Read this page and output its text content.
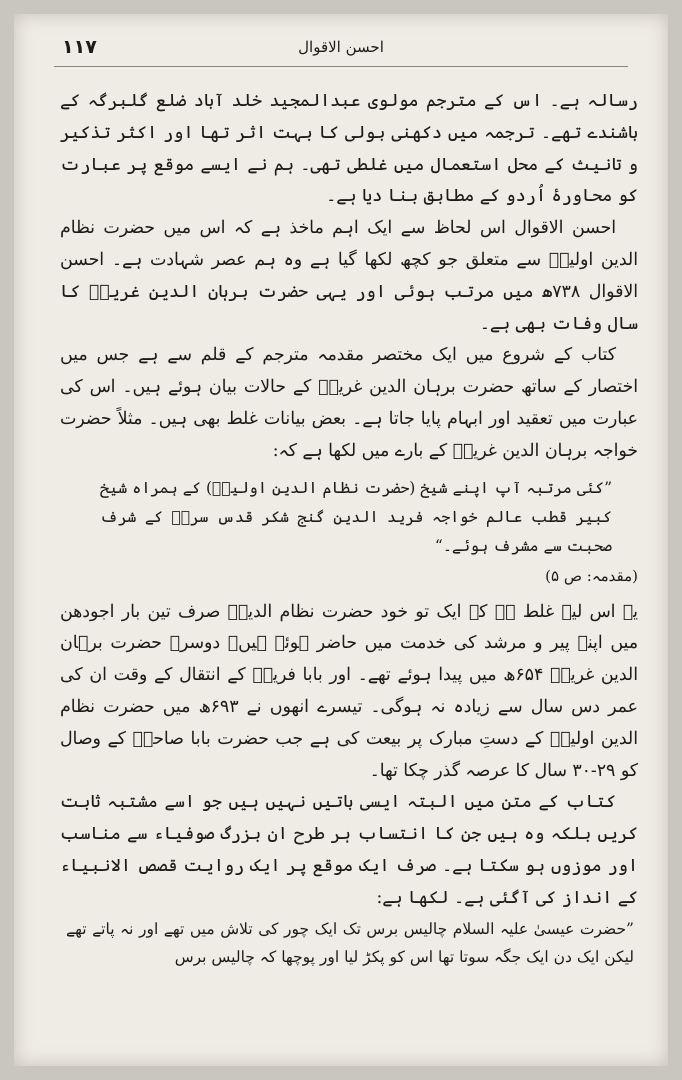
١١٧	احسن الاقوال

رسالہ ہے۔ اس کے مترجم مولوی عبدالمجید خلد آباد ضلع گلبرگہ کے باشندے تھے۔ ترجمہ میں دکھنی بولی کا بہت اثر تھا اور اکثر تذکیر و تانیث کے محل استعمال میں غلطی تھی۔ ہم نے ایسے موقع پر عبارت کو محاورۂ اُردو کے مطابق بنا دیا ہے۔

احسن الاقوال اس لحاظ سے ایک اہم ماخذ ہے کہ اس میں حضرت نظام الدین اولیاؒ سے متعلق جو کچھ لکھا گیا ہے وہ ہم عصر شہادت ہے۔ احسن الاقوال ۷۳۸ھ میں مرتب ہوئی اور یہی حضرت برہان الدین غریبؒ کا سال وفات بھی ہے۔

کتاب کے شروع میں ایک مختصر مقدمہ مترجم کے قلم سے ہے جس میں اختصار کے ساتھ حضرت برہان الدین غریبؒ کے حالات بیان ہوئے ہیں۔ اس کی عبارت میں تعقید اور ابہام پایا جاتا ہے۔ بعض بیانات غلط بھی ہیں۔ مثلاً حضرت خواجہ برہان الدین غریبؒ کے بارے میں لکھا ہے کہ:

”کئی مرتبہ آپ اپنے شیخ (حضرت نظام الدین اولیاؒ) کے ہمراہ شیخ کبیر قطب عالم خواجہ فرید الدین گنج شکر قدس سرہٗ کے شرف صحبت سے مشرف ہوئے۔“

(مقدمہ: ص ۵)

یہ اس لیے غلط ہے کہ ایک تو خود حضرت نظام الدینؒ صرف تین بار اجودھن میں اپنے پیر و مرشد کی خدمت میں حاضر ہوئے ہیں۔ دوسرے حضرت برہان الدین غریبؒ ۶۵۴ھ میں پیدا ہوئے تھے۔ اور بابا فریدؒ کے انتقال کے وقت ان کی عمر دس سال سے زیادہ نہ ہوگی۔ تیسرے انھوں نے ۶۹۳ھ میں حضرت نظام الدین اولیاؒ کے دستِ مبارک پر بیعت کی ہے جب حضرت بابا صاحبؒ کے وصال کو ۲۹-۳۰ سال کا عرصہ گذر چکا تھا۔

کتاب کے متن میں البتہ ایسی باتیں نہیں ہیں جو اسے مشتبہ ثابت کریں بلکہ وہ ہیں جن کا انتساب ہر طرح ان بزرگ صوفیاء سے مناسب اور موزوں ہو سکتا ہے۔ صرف ایک موقع پر ایک روایت قصص الانبیاء کے انداز کی آگئی ہے۔ لکھا ہے:

”حضرت عیسیٰ علیہ السلام چالیس برس تک ایک چور کی تلاش میں تھے اور نہ پاتے تھے لیکن ایک دن ایک جگہ سوتا تھا اس کو پکڑ لیا اور پوچھا کہ چالیس برس
